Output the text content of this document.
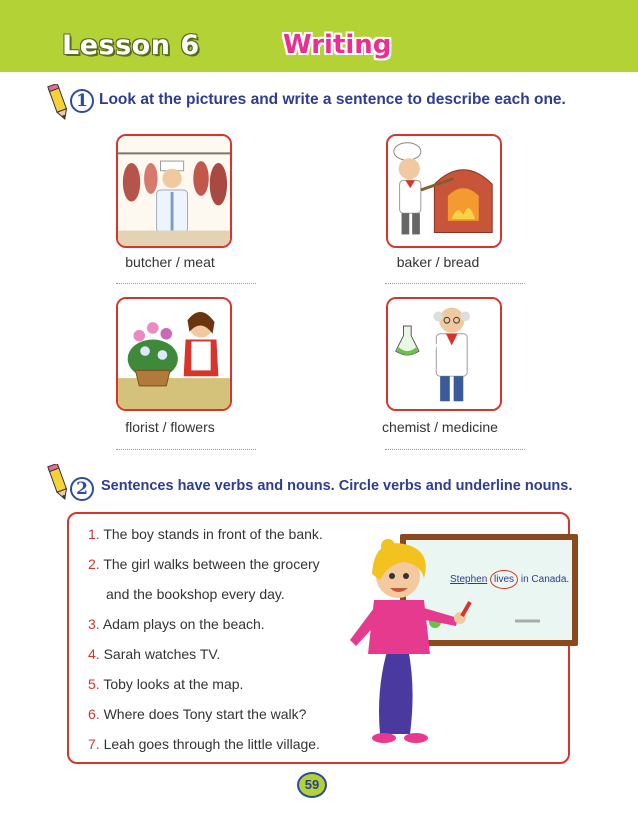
Lesson 6	Writing
1 Look at the pictures and write a sentence to describe each one.
butcher / meat	baker / bread
florist / flowers	chemist / medicine
2 Sentences have verbs and nouns. Circle verbs and underline nouns.
1. The boy stands in front of the bank.
2. The girl walks between the grocery
and the bookshop every day.
3. Adam plays on the beach.
4. Sarah watches TV.
5. Toby looks at the map.
6. Where does Tony start the walk?
7. Leah goes through the little village.
Stephen lives in Canada.
59
